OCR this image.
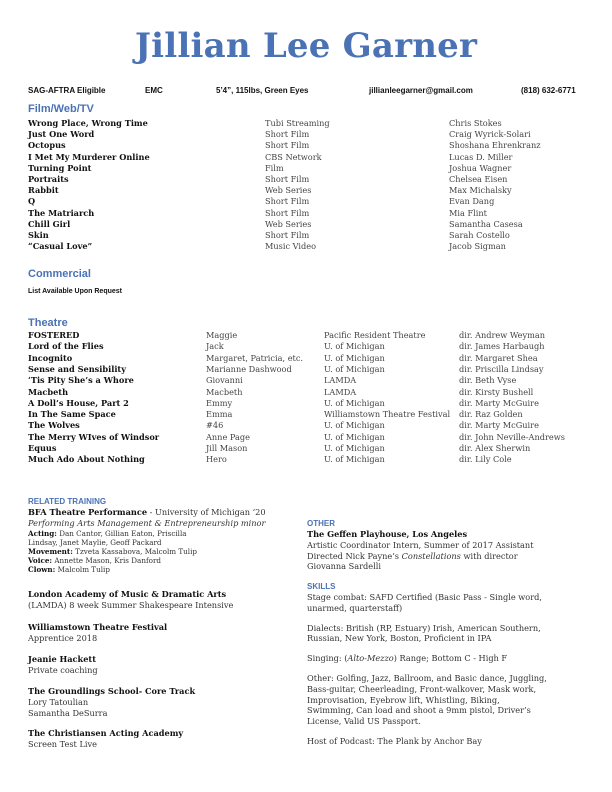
Jillian Lee Garner
SAG-AFTRA Eligible	EMC	5’4”, 115lbs, Green Eyes	jillianleegarner@gmail.com	(818) 632-6771
Film/Web/TV
Wrong Place, Wrong Time	Tubi Streaming	Chris Stokes
Just One Word	Short Film	Craig Wyrick-Solari
Octopus	Short Film	Shoshana Ehrenkranz
I Met My Murderer Online	CBS Network	Lucas D. Miller
Turning Point	Film	Joshua Wagner
Portraits	Short Film	Chelsea Eisen
Rabbit	Web Series	Max Michalsky
Q	Short Film	Evan Dang
The Matriarch	Short Film	Mia Flint
Chill Girl	Web Series	Samantha Casesa
Skin	Short Film	Sarah Costello
“Casual Love”	Music Video	Jacob Sigman
Commercial
List Available Upon Request
Theatre
FOSTERED	Maggie	Pacific Resident Theatre	dir. Andrew Weyman
Lord of the Flies	Jack	U. of Michigan	dir. James Harbaugh
Incognito	Margaret, Patricia, etc.	U. of Michigan	dir. Margaret Shea
Sense and Sensibility	Marianne Dashwood	U. of Michigan	dir. Priscilla Lindsay
‘Tis Pity She’s a Whore	Giovanni	LAMDA	dir. Beth Vyse
Macbeth	Macbeth	LAMDA	dir. Kirsty Bushell
A Doll’s House, Part 2	Emmy	U. of Michigan	dir. Marty McGuire
In The Same Space	Emma	Williamstown Theatre Festival dir. Raz Golden
The Wolves	#46	U. of Michigan	dir. Marty McGuire
The Merry WIves of Windsor	Anne Page	U. of Michigan	dir. John Neville-Andrews
Equus	Jill Mason	U. of Michigan	dir. Alex Sherwin
Much Ado About Nothing	Hero	U. of Michigan	dir. Lily Cole
RELATED TRAINING
BFA Theatre Performance - University of Michigan ’20
Performing Arts Management & Entrepreneurship minor
Acting: Dan Cantor, Gillian Eaton, Priscilla
Lindsay, Janet Maylie, Geoff Packard
Movement: Tzveta Kassabova, Malcolm Tulip
Voice: Annette Mason, Kris Danford
Clown: Malcolm Tulip
London Academy of Music & Dramatic Arts
(LAMDA) 8 week Summer Shakespeare Intensive
Williamstown Theatre Festival
Apprentice 2018
Jeanie Hackett
Private coaching
The Groundlings School- Core Track
Lory Tatoulian
Samantha DeSurra
The Christiansen Acting Academy
Screen Test Live
OTHER
The Geffen Playhouse, Los Angeles
Artistic Coordinator Intern, Summer of 2017 Assistant
Directed Nick Payne’s Constellations with director
Giovanna Sardelli
SKILLS
Stage combat: SAFD Certified (Basic Pass - Single word,
unarmed, quarterstaff)
Dialects: British (RP, Estuary) Irish, American Southern,
Russian, New York, Boston, Proficient in IPA
Singing: (Alto-Mezzo) Range; Bottom C - High F
Other: Golfing, Jazz, Ballroom, and Basic dance, Juggling,
Bass-guitar, Cheerleading, Front-walkover, Mask work,
Improvisation, Eyebrow lift, Whistling, Biking,
Swimming, Can load and shoot a 9mm pistol, Driver’s
License, Valid US Passport.
Host of Podcast: The Plank by Anchor Bay
